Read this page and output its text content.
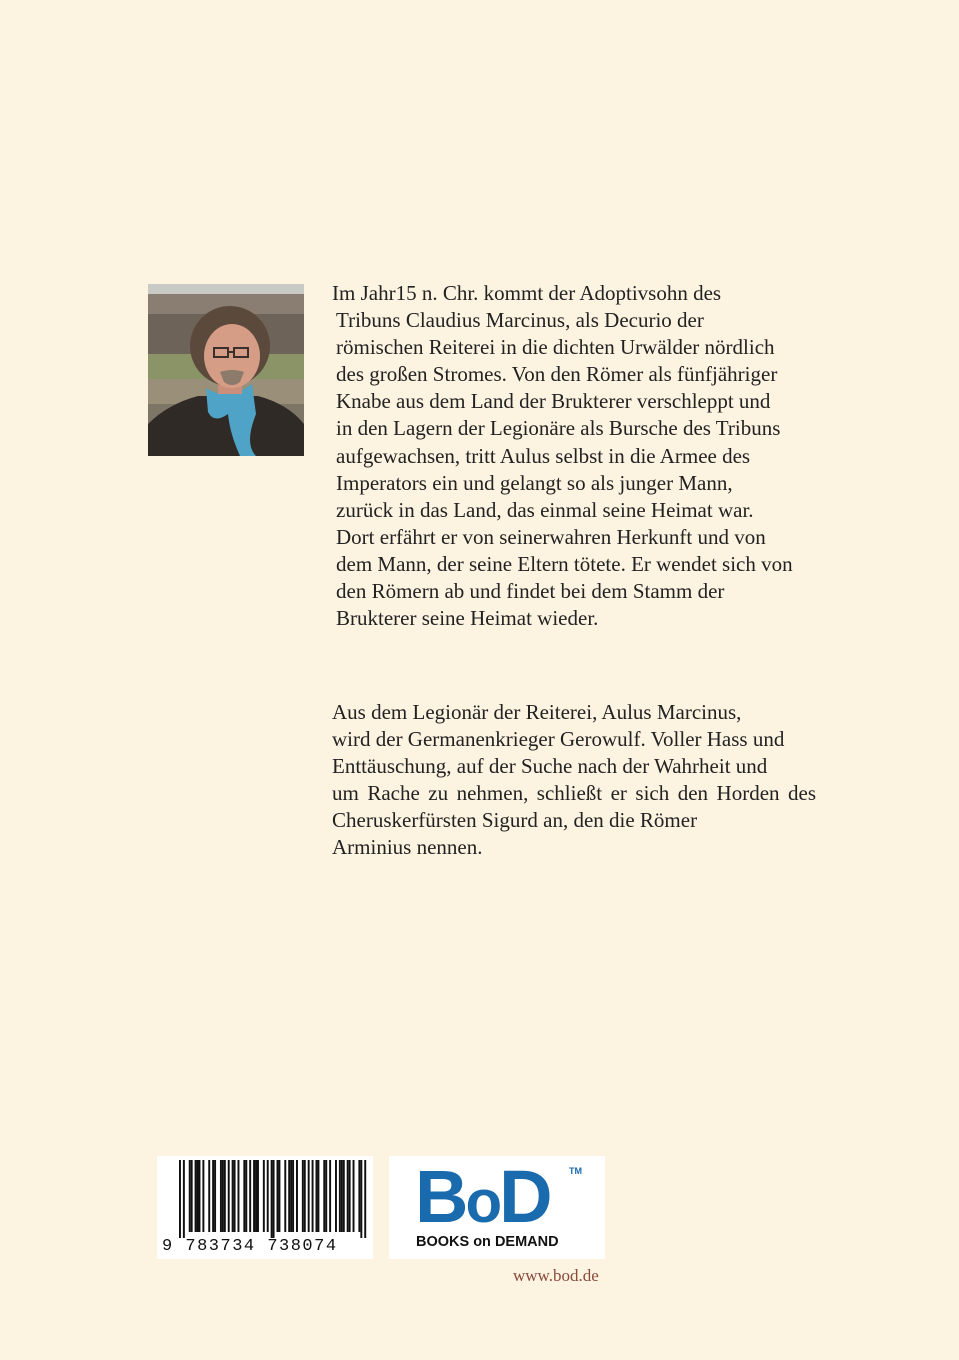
Im Jahr15 n. Chr. kommt der Adoptivsohn des
Tribuns Claudius Marcinus, als Decurio der
römischen Reiterei in die dichten Urwälder nördlich
des großen Stromes. Von den Römer als fünfjähriger
Knabe aus dem Land der Brukterer verschleppt und
in den Lagern der Legionäre als Bursche des Tribuns
aufgewachsen, tritt Aulus selbst in die Armee des
Imperators ein und gelangt so als junger Mann,
zurück in das Land, das einmal seine Heimat war.
Dort erfährt er von seinerwahren Herkunft und von
dem Mann, der seine Eltern tötete. Er wendet sich von
den Römern ab und findet bei dem Stamm der
Brukterer seine Heimat wieder.
Aus dem Legionär der Reiterei, Aulus Marcinus,
wird der Germanenkrieger Gerowulf. Voller Hass und
Enttäuschung, auf der Suche nach der Wahrheit und
um Rache zu nehmen, schließt er sich den Horden des
Cheruskerfürsten Sigurd an, den die Römer
Arminius nennen.
9 783734 738074
BoD TM
BOOKS on DEMAND
www.bod.de
